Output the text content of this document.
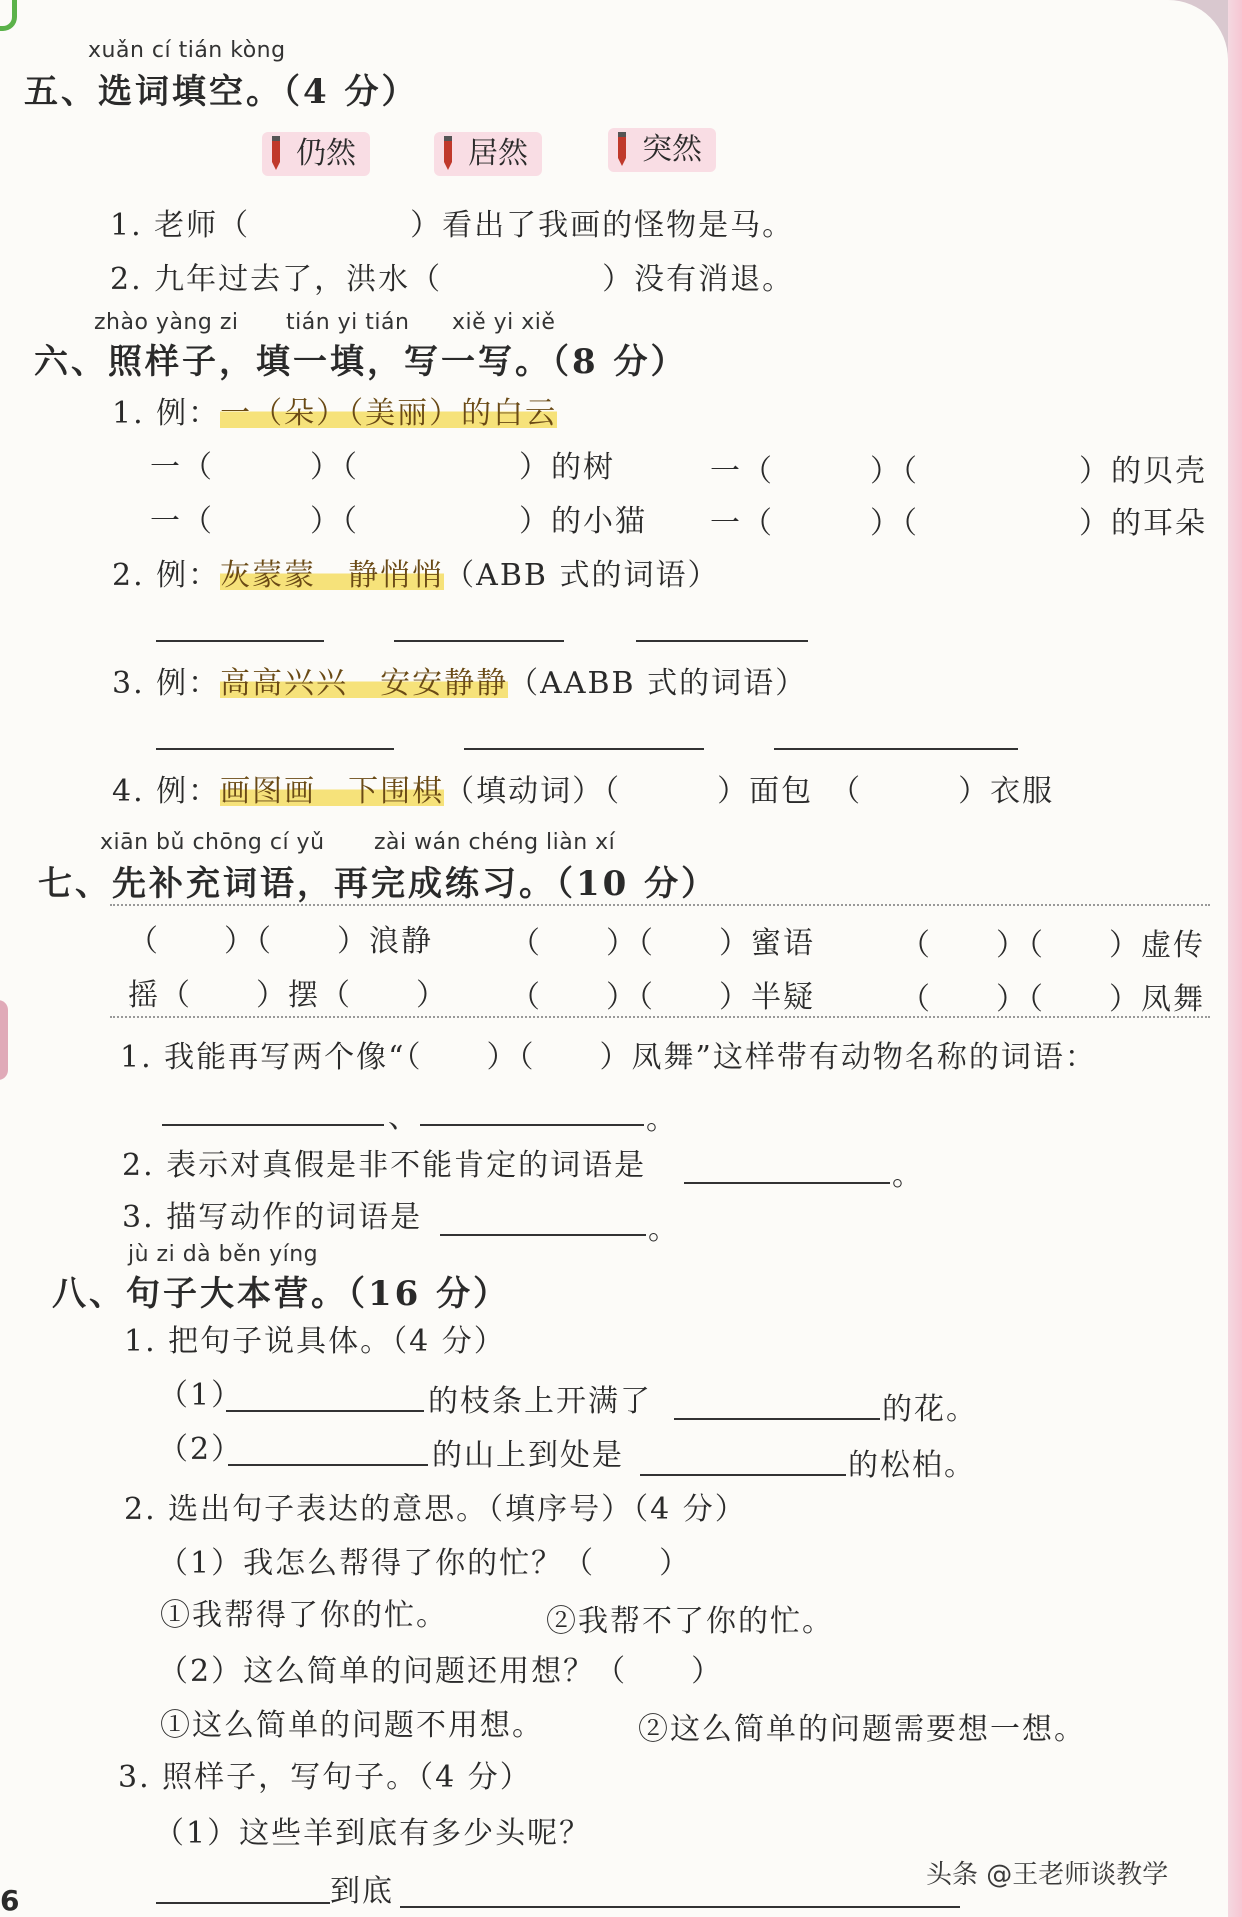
xuǎn cí tián kòng
五、选词填空。（4 分）
仍然	居然	突然
1. 老师（　　　　　）看出了我画的怪物是马。
2. 九年过去了，洪水（　　　　　）没有消退。
zhào yàng zi tián yi tián xiě yi xiě
六、照样子，填一填，写一写。（8 分）
1. 例：一（朵）（美丽）的白云
一（　　　）（　　　　　）的树	一（　　　）（　　　　　）的贝壳
一（　　　）（　　　　　）的小猫 一（　　　）（　　　　　）的耳朵
2. 例：灰蒙蒙　静悄悄（ABB 式的词语）
3. 例：高高兴兴　安安静静（AABB 式的词语）
4. 例：画图画　下围棋（填动词）（　　　）面包　（　　　）衣服
xiān bǔ chōng cí yǔ zài wán chéng liàn xí
七、先补充词语，再完成练习。（10 分）
（　　）（　　）浪静	（　　）（　　）蜜语	（　　）（　　）虚传
摇（　　）摆（　　） （　　）（　　）半疑	（　　）（　　）凤舞
1. 我能再写两个像“（　　）（　　）凤舞”这样带有动物名称的词语：
、	。
2. 表示对真假是非不能肯定的词语是	。
3. 描写动作的词语是	。
jù zi dà běn yíng
八、句子大本营。（16 分）
1. 把句子说具体。（4 分）
（1）	的枝条上开满了	的花。
（2）	的山上到处是	的松柏。
2. 选出句子表达的意思。（填序号）（4 分）
（1）我怎么帮得了你的忙？（　　）
①我帮得了你的忙。	②我帮不了你的忙。
（2）这么简单的问题还用想？（　　）
①这么简单的问题不用想。	②这么简单的问题需要想一想。
3. 照样子，写句子。（4 分）
（1）这些羊到底有多少头呢？
到底
6
头条 @王老师谈教学
